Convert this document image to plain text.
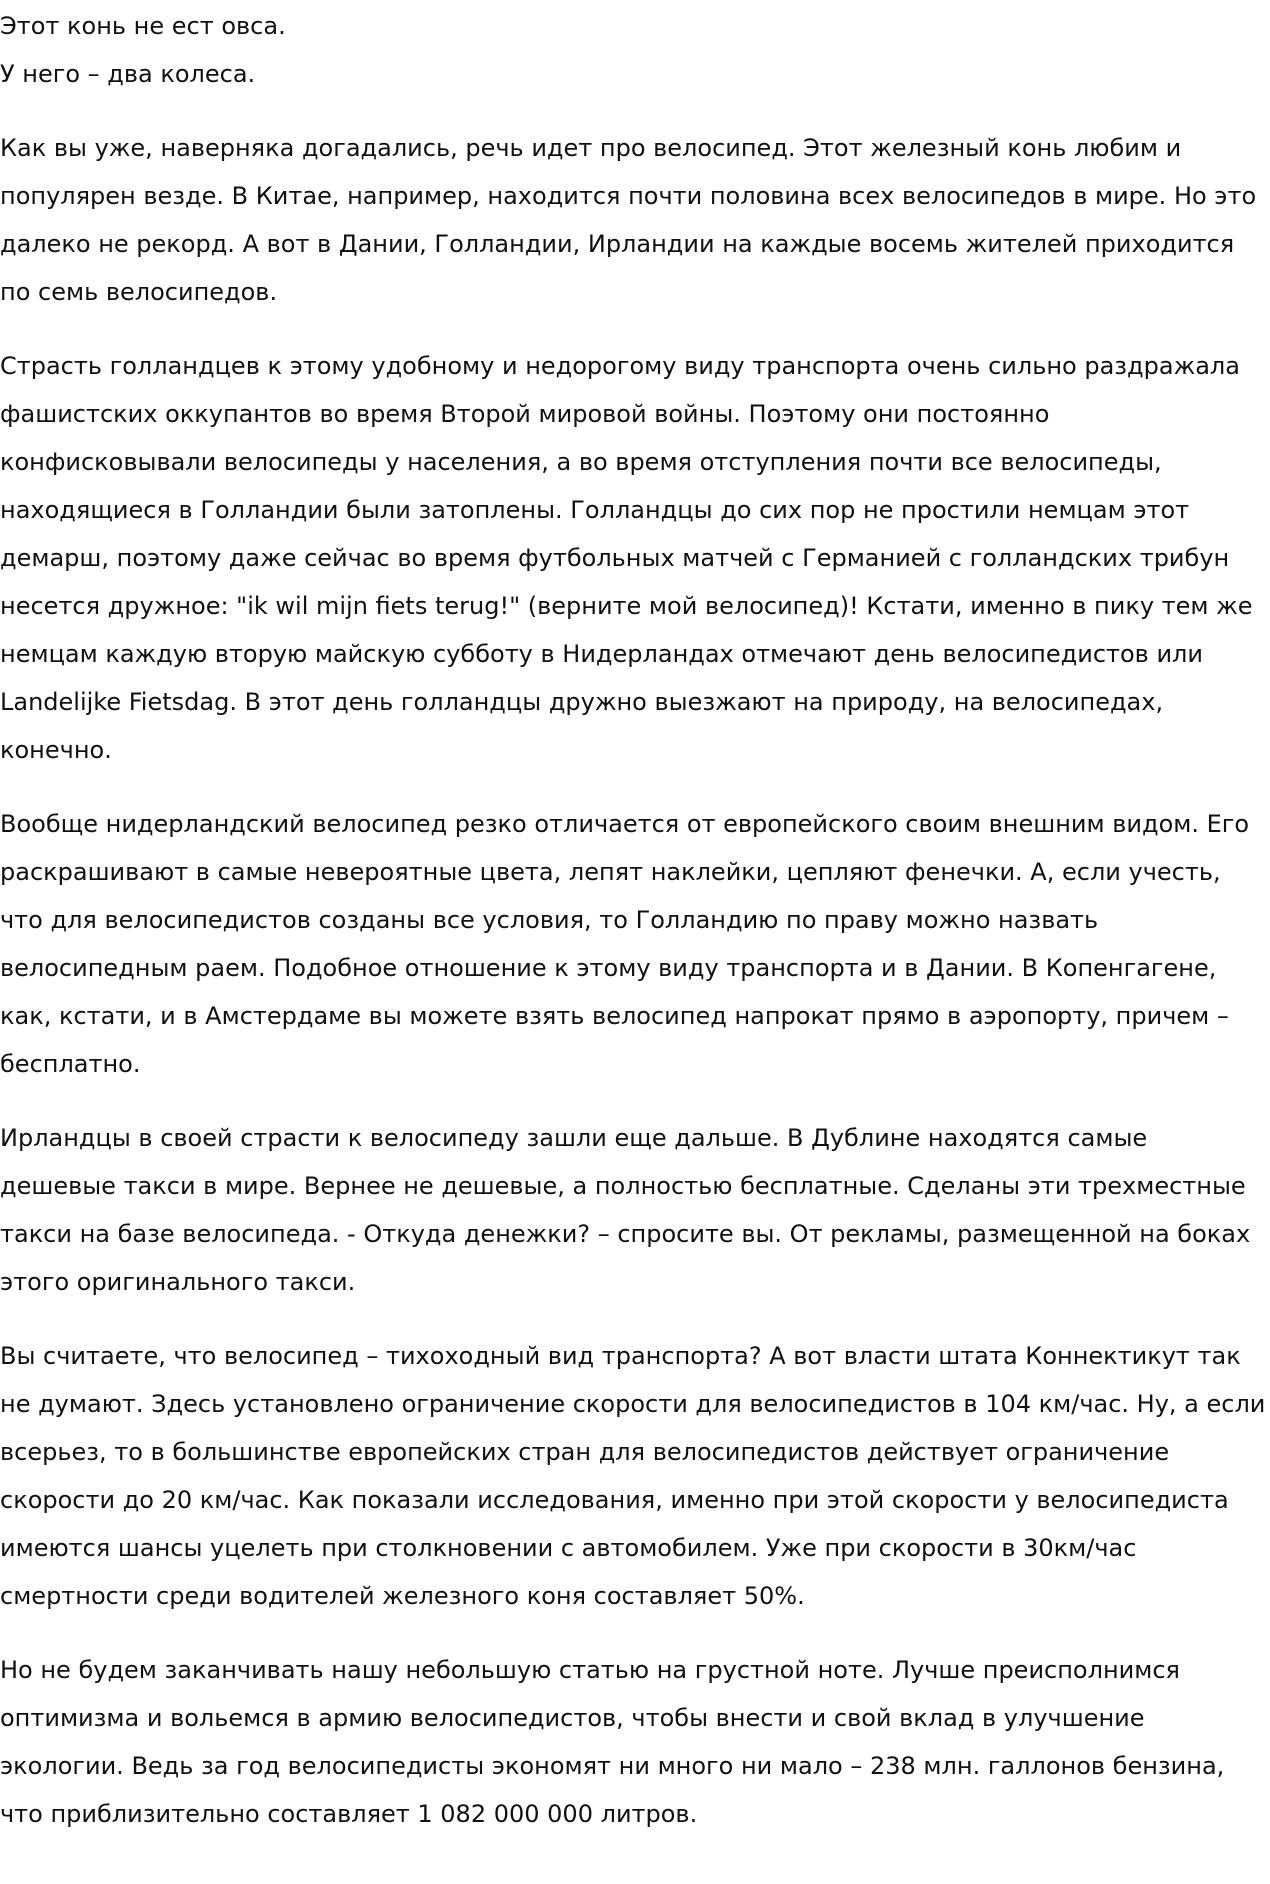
Этот конь не ест овса.

У него – два колеса.

Как вы уже, наверняка догадались, речь идет про велосипед. Этот железный конь любим и популярен везде. В Китае, например, находится почти половина всех велосипедов в мире. Но это далеко не рекорд. А вот в Дании, Голландии, Ирландии на каждые восемь жителей приходится по семь велосипедов.

Страсть голландцев к этому удобному и недорогому виду транспорта очень сильно раздражала фашистских оккупантов во время Второй мировой войны. Поэтому они постоянно конфисковывали велосипеды у населения, а во время отступления почти все велосипеды, находящиеся в Голландии были затоплены. Голландцы до сих пор не простили немцам этот демарш, поэтому даже сейчас во время футбольных матчей с Германией с голландских трибун несется дружное: "ik wil mijn fiets terug!" (верните мой велосипед)! Кстати, именно в пику тем же немцам каждую вторую майскую субботу в Нидерландах отмечают день велосипедистов или Landelijke Fietsdag. В этот день голландцы дружно выезжают на природу, на велосипедах, конечно.

Вообще нидерландский велосипед резко отличается от европейского своим внешним видом. Его раскрашивают в самые невероятные цвета, лепят наклейки, цепляют фенечки. А, если учесть, что для велосипедистов созданы все условия, то Голландию по праву можно назвать велосипедным раем. Подобное отношение к этому виду транспорта и в Дании. В Копенгагене, как, кстати, и в Амстердаме вы можете взять велосипед напрокат прямо в аэропорту, причем – бесплатно.

Ирландцы в своей страсти к велосипеду зашли еще дальше. В Дублине находятся самые дешевые такси в мире. Вернее не дешевые, а полностью бесплатные. Сделаны эти трехместные такси на базе велосипеда. - Откуда денежки? – спросите вы. От рекламы, размещенной на боках этого оригинального такси.

Вы считаете, что велосипед – тихоходный вид транспорта? А вот власти штата Коннектикут так не думают. Здесь установлено ограничение скорости для велосипедистов в 104 км/час. Ну, а если всерьез, то в большинстве европейских стран для велосипедистов действует ограничение скорости до 20 км/час. Как показали исследования, именно при этой скорости у велосипедиста имеются шансы уцелеть при столкновении с автомобилем. Уже при скорости в 30км/час смертности среди водителей железного коня составляет 50%.

Но не будем заканчивать нашу небольшую статью на грустной ноте. Лучше преисполнимся оптимизма и вольемся в армию велосипедистов, чтобы внести и свой вклад в улучшение экологии. Ведь за год велосипедисты экономят ни много ни мало – 238 млн. галлонов бензина, что приблизительно составляет 1 082 000 000 литров.
